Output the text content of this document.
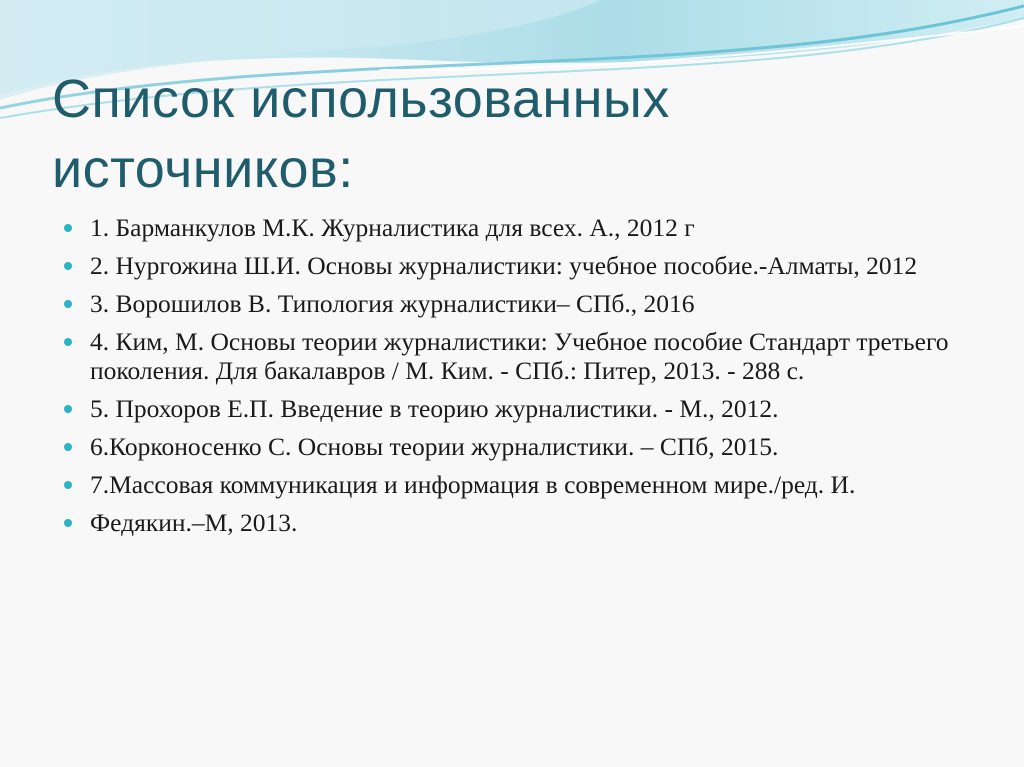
Список использованных
источников:
1. Барманкулов М.К. Журналистика для всех. А., 2012 г
2. Нургожина Ш.И. Основы журналистики: учебное пособие.-Алматы, 2012
3. Ворошилов В. Типология журналистики– СПб., 2016
4. Ким, М. Основы теории журналистики: Учебное пособие Стандарт третьего поколения. Для бакалавров / М. Ким. - СПб.: Питер, 2013. - 288 с.
5. Прохоров Е.П. Введение в теорию журналистики. - М., 2012.
6.Корконосенко С. Основы теории журналистики. – СПб, 2015.
7.Массовая коммуникация и информация в современном мире./ред. И.
Федякин.–М, 2013.
